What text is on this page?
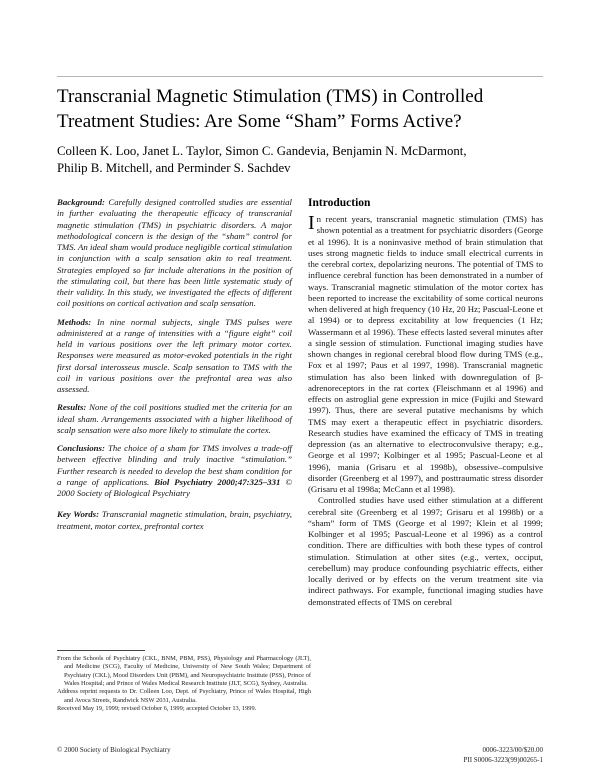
Transcranial Magnetic Stimulation (TMS) in Controlled
Treatment Studies: Are Some “Sham” Forms Active?
Colleen K. Loo, Janet L. Taylor, Simon C. Gandevia, Benjamin N. McDarmont,
Philip B. Mitchell, and Perminder S. Sachdev

Background: Carefully designed controlled studies are essential in further evaluating the therapeutic efficacy of transcranial magnetic stimulation (TMS) in psychiatric disorders. A major methodological concern is the design of the “sham” control for TMS. An ideal sham would produce negligible cortical stimulation in conjunction with a scalp sensation akin to real treatment. Strategies employed so far include alterations in the position of the stimulating coil, but there has been little systematic study of their validity. In this study, we investigated the effects of different coil positions on cortical activation and scalp sensation.

Methods: In nine normal subjects, single TMS pulses were administered at a range of intensities with a “figure eight” coil held in various positions over the left primary motor cortex. Responses were measured as motor-evoked potentials in the right first dorsal interosseus muscle. Scalp sensation to TMS with the coil in various positions over the prefrontal area was also assessed.

Results: None of the coil positions studied met the criteria for an ideal sham. Arrangements associated with a higher likelihood of scalp sensation were also more likely to stimulate the cortex.

Conclusions: The choice of a sham for TMS involves a trade-off between effective blinding and truly inactive “stimulation.” Further research is needed to develop the best sham condition for a range of applications. Biol Psychiatry 2000;47:325–331 © 2000 Society of Biological Psychiatry

Key Words: Transcranial magnetic stimulation, brain, psychiatry, treatment, motor cortex, prefrontal cortex

Introduction

In recent years, transcranial magnetic stimulation (TMS) has shown potential as a treatment for psychiatric disorders (George et al 1996). It is a noninvasive method of brain stimulation that uses strong magnetic fields to induce small electrical currents in the cerebral cortex, depolarizing neurons. The potential of TMS to influence cerebral function has been demonstrated in a number of ways. Transcranial magnetic stimulation of the motor cortex has been reported to increase the excitability of some cortical neurons when delivered at high frequency (10 Hz, 20 Hz; Pascual-Leone et al 1994) or to depress excitability at low frequencies (1 Hz; Wassermann et al 1996). These effects lasted several minutes after a single session of stimulation. Functional imaging studies have shown changes in regional cerebral blood flow during TMS (e.g., Fox et al 1997; Paus et al 1997, 1998). Transcranial magnetic stimulation has also been linked with downregulation of β-adrenoreceptors in the rat cortex (Fleischmann et al 1996) and effects on astroglial gene expression in mice (Fujiki and Steward 1997). Thus, there are several putative mechanisms by which TMS may exert a therapeutic effect in psychiatric disorders. Research studies have examined the efficacy of TMS in treating depression (as an alternative to electroconvulsive therapy; e.g., George et al 1997; Kolbinger et al 1995; Pascual-Leone et al 1996), mania (Grisaru et al 1998b), obsessive–compulsive disorder (Greenberg et al 1997), and posttraumatic stress disorder (Grisaru et al 1998a; McCann et al 1998).

Controlled studies have used either stimulation at a different cerebral site (Greenberg et al 1997; Grisaru et al 1998b) or a “sham” form of TMS (George et al 1997; Klein et al 1999; Kolbinger et al 1995; Pascual-Leone et al 1996) as a control condition. There are difficulties with both these types of control stimulation. Stimulation at other sites (e.g., vertex, occiput, cerebellum) may produce confounding psychiatric effects, either locally derived or by effects on the verum treatment site via indirect pathways. For example, functional imaging studies have demonstrated effects of TMS on cerebral

From the Schools of Psychiatry (CKL, BNM, PBM, PSS), Physiology and Pharmacology (JLT), and Medicine (SCG), Faculty of Medicine, University of New South Wales; Department of Psychiatry (CKL), Mood Disorders Unit (PBM), and Neuropsychiatric Institute (PSS), Prince of Wales Hospital; and Prince of Wales Medical Research Institute (JLT, SCG), Sydney, Australia.

Address reprint requests to Dr. Colleen Loo, Dept. of Psychiatry, Prince of Wales Hospital, High and Avoca Streets, Randwick NSW 2031, Australia.

Received May 19, 1999; revised October 6, 1999; accepted October 13, 1999.

© 2000 Society of Biological Psychiatry	0006-3223/00/$20.00
PII S0006-3223(99)00265-1
